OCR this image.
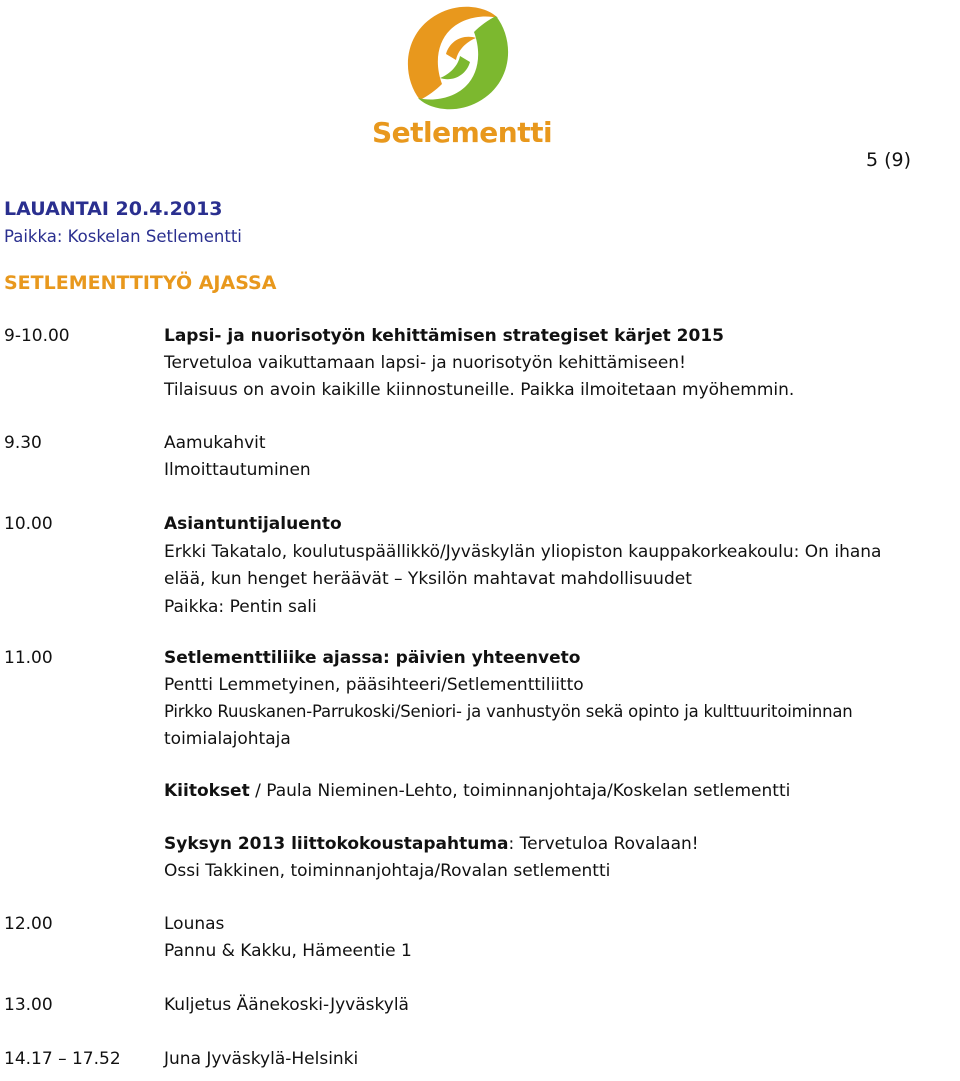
Setlementti
5 (9)
LAUANTAI 20.4.2013
Paikka: Koskelan Setlementti
SETLEMENTTITYÖ AJASSA
9-10.00	Lapsi- ja nuorisotyön kehittämisen strategiset kärjet 2015
Tervetuloa vaikuttamaan lapsi- ja nuorisotyön kehittämiseen!
Tilaisuus on avoin kaikille kiinnostuneille. Paikka ilmoitetaan myöhemmin.
9.30	Aamukahvit
Ilmoittautuminen
10.00	Asiantuntijaluento
Erkki Takatalo, koulutuspäällikkö/Jyväskylän yliopiston kauppakorkeakoulu: On ihana
elää, kun henget heräävät – Yksilön mahtavat mahdollisuudet
Paikka: Pentin sali
11.00	Setlementtiliike ajassa: päivien yhteenveto
Pentti Lemmetyinen, pääsihteeri/Setlementtiliitto
Pirkko Ruuskanen-Parrukoski/Seniori- ja vanhustyön sekä opinto ja kulttuuritoiminnan
toimialajohtaja
Kiitokset / Paula Nieminen-Lehto, toiminnanjohtaja/Koskelan setlementti
Syksyn 2013 liittokokoustapahtuma: Tervetuloa Rovalaan!
Ossi Takkinen, toiminnanjohtaja/Rovalan setlementti
12.00	Lounas
Pannu & Kakku, Hämeentie 1
13.00	Kuljetus Äänekoski-Jyväskylä
14.17 – 17.52	Juna Jyväskylä-Helsinki
